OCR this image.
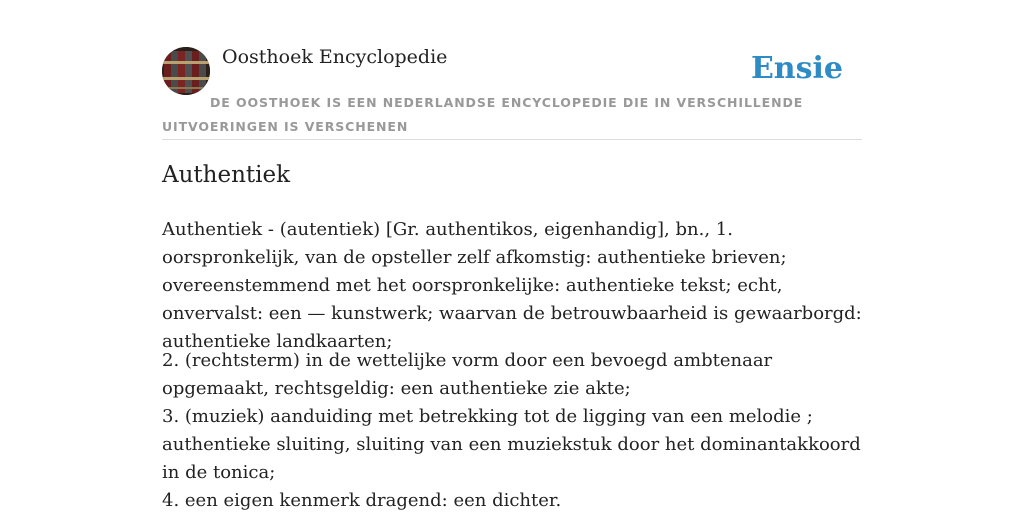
Oosthoek Encyclopedie	Ensie
DE OOSTHOEK IS EEN NEDERLANDSE ENCYCLOPEDIE DIE IN VERSCHILLENDE UITVOERINGEN IS VERSCHENEN
Authentiek

Authentiek - (autentiek) [Gr. authentikos, eigenhandig], bn., 1. oorspronkelijk, van de opsteller zelf afkomstig: authentieke brieven; overeenstemmend met het oorspronkelijke: authentieke tekst; echt, onvervalst: een — kunstwerk; waarvan de betrouwbaarheid is gewaarborgd: authentieke landkaarten;

2. (rechtsterm) in de wettelijke vorm door een bevoegd ambtenaar opgemaakt, rechtsgeldig: een authentieke zie akte;
3. (muziek) aanduiding met betrekking tot de ligging van een melodie ; authentieke sluiting, sluiting van een muziekstuk door het dominantakkoord in de tonica;
4. een eigen kenmerk dragend: een dichter.
